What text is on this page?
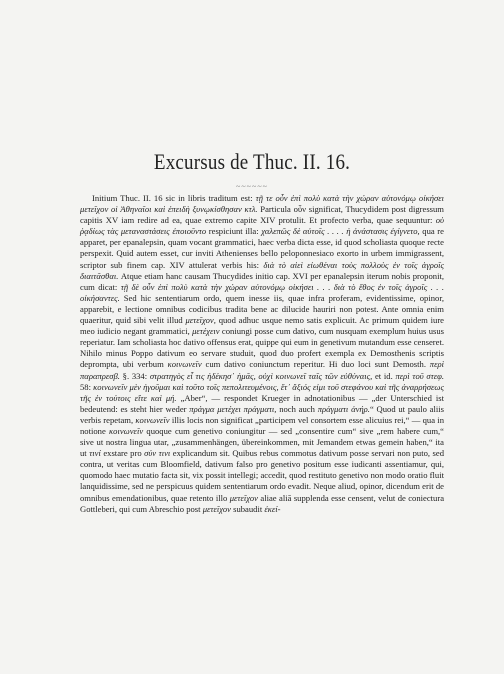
Excursus de Thuc. II. 16.
~~~~~~

Initium Thuc. II. 16 sic in libris traditum est: τῇ τε οὖν ἐπὶ πολὺ κατὰ τὴν χώραν αὐτονόμῳ οἰκήσει μετεῖχον οἱ Ἀθηναῖοι καὶ ἐπειδὴ ξυνῳκίσθησαν κτλ. Particula οὖν significat, Thucydidem post digressum capitis XV iam redire ad ea, quae extremo capite XIV protulit. Et profecto verba, quae sequuntur: οὐ ῥᾳδίως τὰς μεταναστάσεις ἐποιοῦντο respiciunt illa: χαλεπῶς δὲ αὐτοῖς . . . . ἡ ἀνάστασις ἐγίγνετο, qua re apparet, per epanalepsin, quam vocant grammatici, haec verba dicta esse, id quod scholiasta quoque recte perspexit. Quid autem esset, cur inviti Athenienses bello peloponnesiaco exorto in urbem immigrassent, scriptor sub finem cap. XIV attulerat verbis his: διὰ τὸ αἰεὶ εἰωθέναι τοὺς πολλοὺς ἐν τοῖς ἀγροῖς διαιτᾶσθαι. Atque etiam hanc causam Thucydides initio cap. XVI per epanalepsin iterum nobis proponit, cum dicat: τῇ δὲ οὖν ἐπὶ πολὺ κατὰ τὴν χώραν αὐτονόμῳ οἰκήσει . . . διὰ τὸ ἔθος ἐν τοῖς ἀγροῖς . . . οἰκήσαντες. Sed hic sententiarum ordo, quem inesse iis, quae infra proferam, evidentissime, opinor, apparebit, e lectione omnibus codicibus tradita bene ac dilucide hauriri non potest. Ante omnia enim quaeritur, quid sibi velit illud μετεῖχον, quod adhuc usque nemo satis explicuit. Ac primum quidem iure meo iudicio negant grammatici, μετέχειν coniungi posse cum dativo, cum nusquam exemplum huius usus reperiatur. Iam scholiasta hoc dativo offensus erat, quippe qui eum in genetivum mutandum esse censeret. Nihilo minus Poppo dativum eo servare studuit, quod duo profert exempla ex Demosthenis scriptis deprompta, ubi verbum κοινωνεῖν cum dativo coniunctum reperitur. Hi duo loci sunt Demosth. περὶ παραπρεσβ. §. 334: στρατηγὸς εἶ τις ἡδέκησ᾽ ἡμᾶς, οὐχὶ κοινωνεῖ ταῖς τῶν εὐθύναις, et id. περὶ τοῦ στεφ. 58: κοινωνεῖν μὲν ἡγοῦμαι καὶ τοῦτο τοῖς πεπολιτευμένοις, ἔτ᾽ ἄξιός εἰμι τοῦ στεφάνου καὶ τῆς ἀναρρήσεως τῆς ἐν τούτοις εἴτε καὶ μή. „Aber“, — respondet Krueger in adnotationibus — „der Unterschied ist bedeutend: es steht hier weder πράγμα μετέχει πράγματι, noch auch πράγματι ἀνήρ.“ Quod ut paulo aliis verbis repetam, κοινωνεῖν illis locis non significat „participem vel consortem esse alicuius rei,“ — qua in notione κοινωνεῖν quoque cum genetivo coniungitur — sed „consentire cum“ sive „rem habere cum,“ sive ut nostra lingua utar, „zusammenhängen, übereinkommen, mit Jemandem etwas gemein haben,“ ita ut τινί exstare pro σύν τινι explicandum sit. Quibus rebus commotus dativum posse servari non puto, sed contra, ut veritas cum Bloomfield, dativum falso pro genetivo positum esse iudicanti assentiamur, qui, quomodo haec mutatio facta sit, vix possit intellegi; accedit, quod restituto genetivo non modo oratio fluit lanquidissime, sed ne perspicuus quidem sententiarum ordo evadit. Neque aliud, opinor, dicendum erit de omnibus emendationibus, quae retento illo μετεῖχον aliae aliā supplenda esse censent, velut de coniectura Gottleberi, qui cum Abreschio post μετεῖχον subaudit ἐκεί-
